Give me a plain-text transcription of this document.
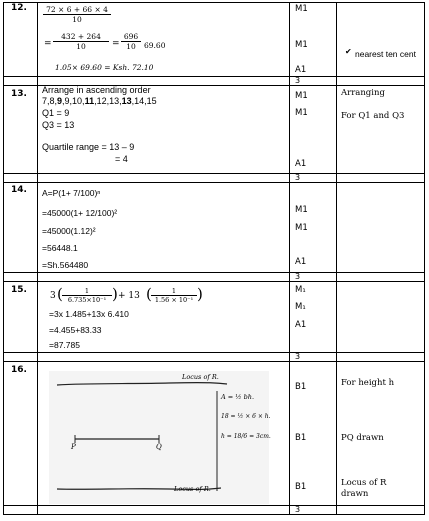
12. $\frac{72 \times 6 + 66 \times 4}{10}$
= $\frac{432 + 264}{10} = \frac{696}{10} 69.60$
1.05× 69.60 = Ksh. 72.10
M1
M1
A1
✔ nearest ten cent
3
13. Arrange in ascending order
7,8,9,9,10,11,12,13,13,14,15
Q1 = 9
Q3 = 13
Quartile range = 13 – 9
= 4
M1
M1
A1
Arranging
For Q1 and Q3
3
14. A=P(1+ 7/100)ⁿ
=45000(1+ 12/100)²
=45000(1.12)²
=56448.1
=Sh.564480
M1
M1
A1
3
15.
3 ( $\frac{1}{\text{6.735×10⁻¹}}$ ) + 13 ( $\frac{1}{\text{1.56 × 10⁻¹}}$ )
=3x 1.485+13x 6.410
=4.455+83.33
=87.785
M₁
M₁
A1
3
16.
B1
B1
B1
For height h
PQ drawn
Locus of R drawn
3
Locus of R.
P	Q
Locus of R.
A = ½ bh.
18 = ½ × 6 × h.
h = 18/6 = 3cm.
